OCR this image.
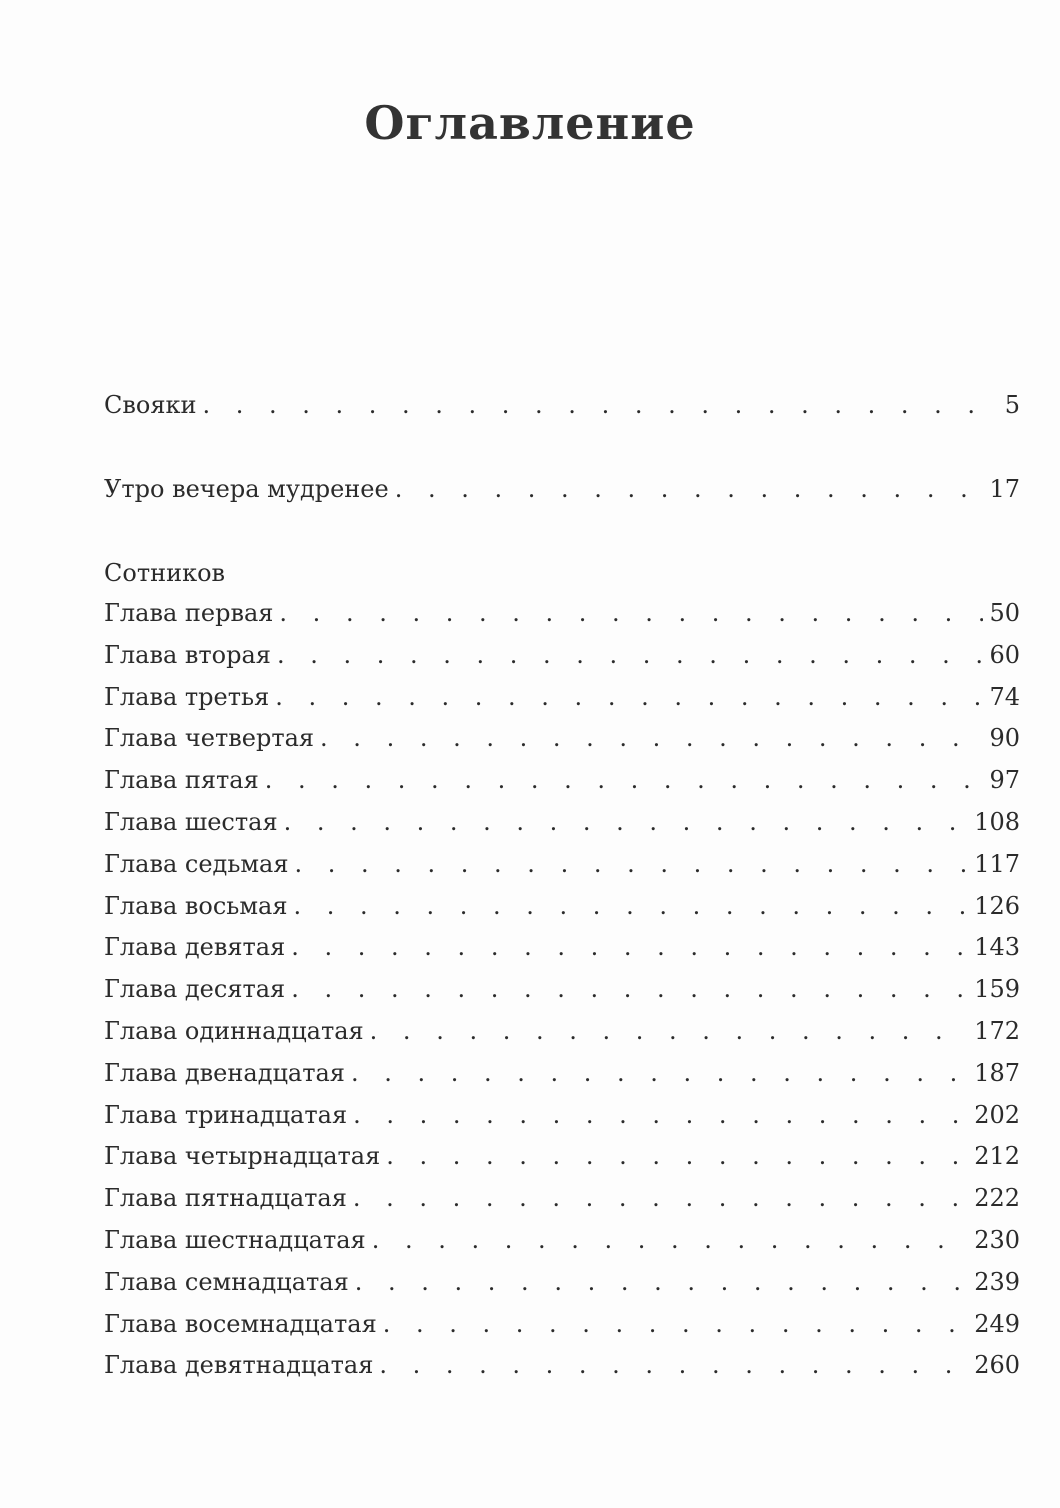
Оглавление
Свояки . . .	5
Утро вечера мудренее . . .	17
Сотников
Глава первая . . .	50
Глава вторая . . .	60
Глава третья . . .	74
Глава четвертая . . .	90
Глава пятая . . .	97
Глава шестая . . .	108
Глава седьмая . . .	117
Глава восьмая . . .	126
Глава девятая . . .	143
Глава десятая . . .	159
Глава одиннадцатая . . .	172
Глава двенадцатая . . .	187
Глава тринадцатая . . .	202
Глава четырнадцатая . . .	212
Глава пятнадцатая . . .	222
Глава шестнадцатая . . .	230
Глава семнадцатая . . .	239
Глава восемнадцатая . . .	249
Глава девятнадцатая . . .	260
